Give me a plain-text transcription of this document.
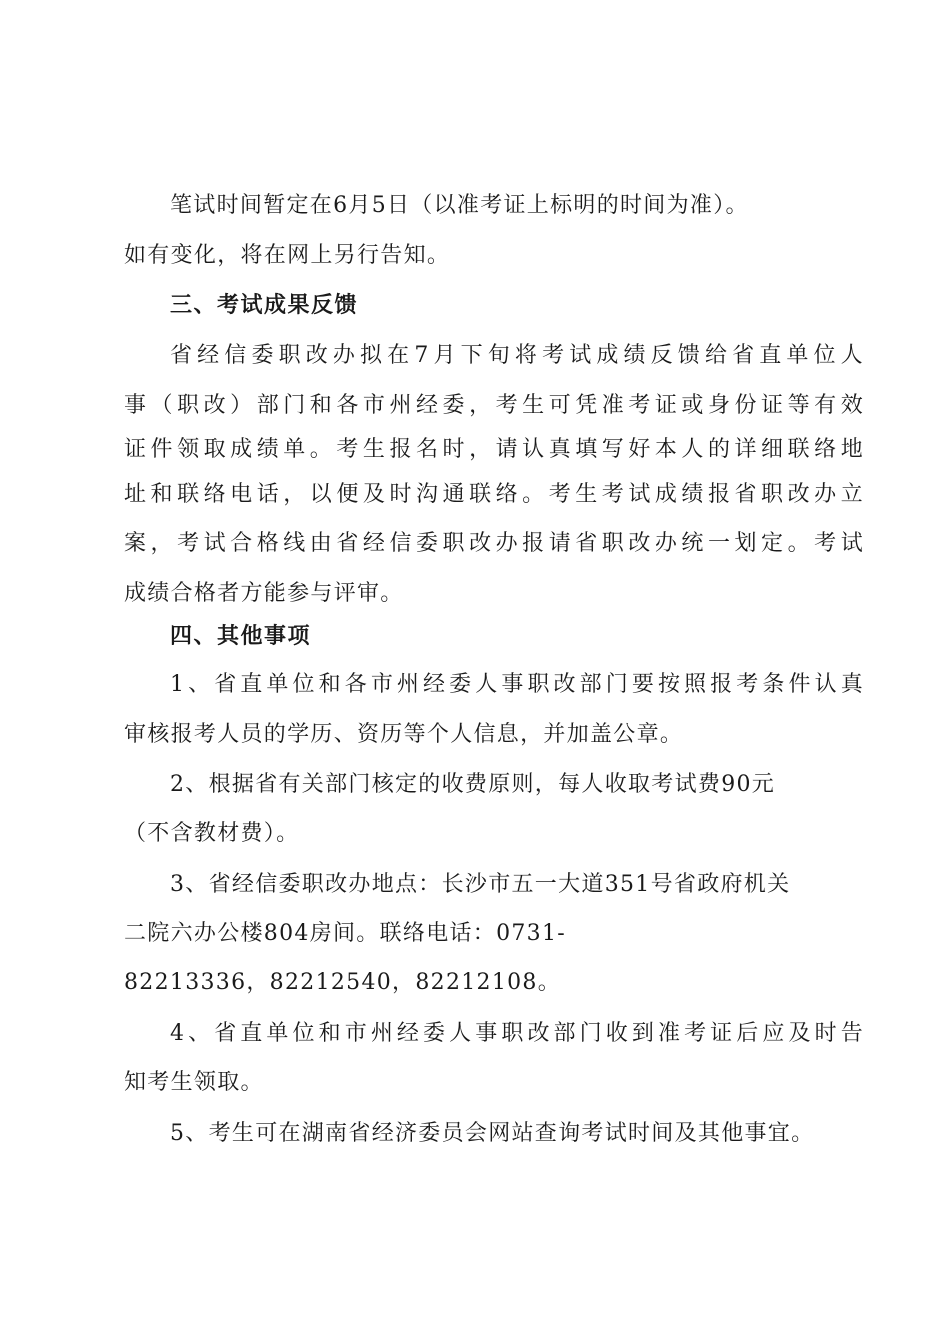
笔试时间暂定在6月5日（以准考证上标明的时间为准）。
如有变化，将在网上另行告知。
三、考试成果反馈
省经信委职改办拟在7月下旬将考试成绩反馈给省直单位人
事（职改）部门和各市州经委，考生可凭准考证或身份证等有效
证件领取成绩单。考生报名时，请认真填写好本人的详细联络地
址和联络电话，以便及时沟通联络。考生考试成绩报省职改办立
案，考试合格线由省经信委职改办报请省职改办统一划定。考试
成绩合格者方能参与评审。
四、其他事项
1、省直单位和各市州经委人事职改部门要按照报考条件认真
审核报考人员的学历、资历等个人信息，并加盖公章。
2、根据省有关部门核定的收费原则，每人收取考试费90元
（不含教材费）。
3、省经信委职改办地点：长沙市五一大道351号省政府机关
二院六办公楼804房间。联络电话：0731-
82213336，82212540，82212108。
4、省直单位和市州经委人事职改部门收到准考证后应及时告
知考生领取。
5、考生可在湖南省经济委员会网站查询考试时间及其他事宜。
